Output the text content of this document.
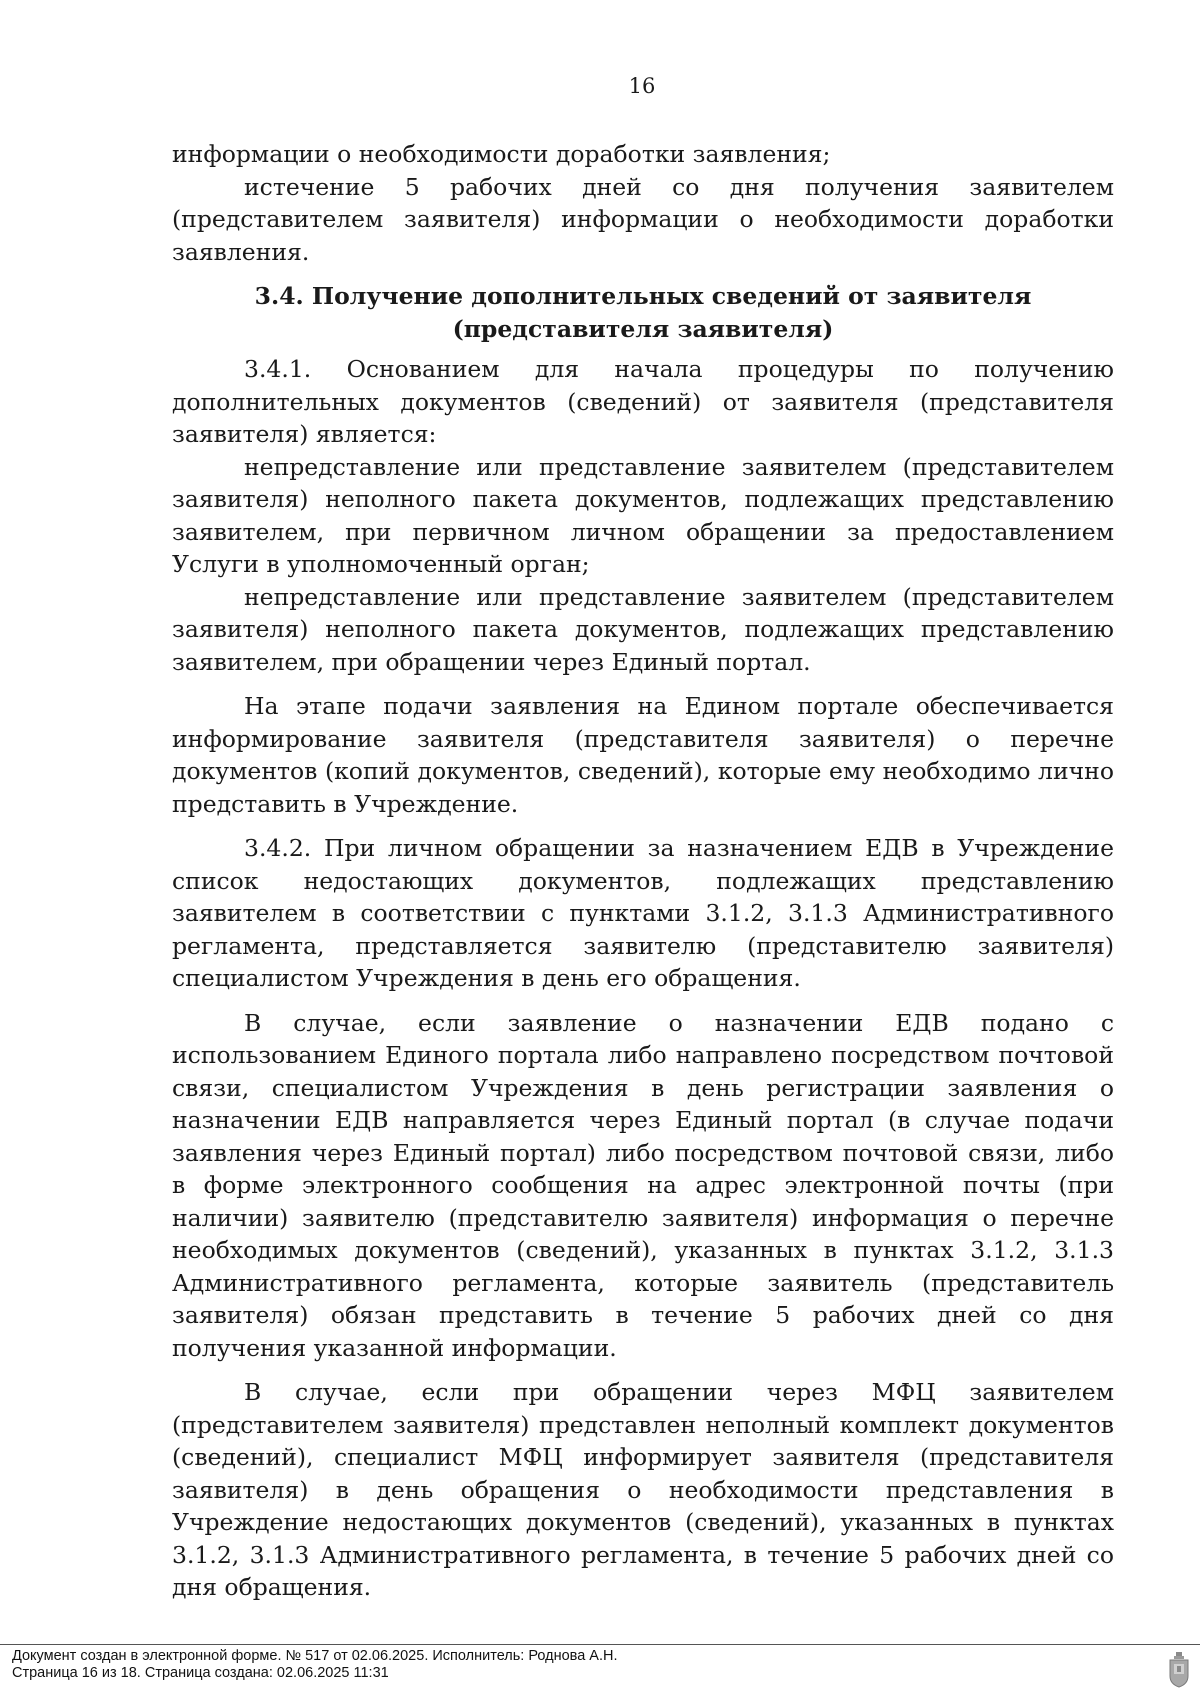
16

информации о необходимости доработки заявления;

истечение 5 рабочих дней со дня получения заявителем (представителем заявителя) информации о необходимости доработки заявления.

3.4. Получение дополнительных сведений от заявителя (представителя заявителя)

3.4.1. Основанием для начала процедуры по получению дополнительных документов (сведений) от заявителя (представителя заявителя) является:

непредставление или представление заявителем (представителем заявителя) неполного пакета документов, подлежащих представлению заявителем, при первичном личном обращении за предоставлением Услуги в уполномоченный орган;

непредставление или представление заявителем (представителем заявителя) неполного пакета документов, подлежащих представлению заявителем, при обращении через Единый портал.

На этапе подачи заявления на Едином портале обеспечивается информирование заявителя (представителя заявителя) о перечне документов (копий документов, сведений), которые ему необходимо лично представить в Учреждение.

3.4.2. При личном обращении за назначением ЕДВ в Учреждение список недостающих документов, подлежащих представлению заявителем в соответствии с пунктами 3.1.2, 3.1.3 Административного регламента, представляется заявителю (представителю заявителя) специалистом Учреждения в день его обращения.

В случае, если заявление о назначении ЕДВ подано с использованием Единого портала либо направлено посредством почтовой связи, специалистом Учреждения в день регистрации заявления о назначении ЕДВ направляется через Единый портал (в случае подачи заявления через Единый портал) либо посредством почтовой связи, либо в форме электронного сообщения на адрес электронной почты (при наличии) заявителю (представителю заявителя) информация о перечне необходимых документов (сведений), указанных в пунктах 3.1.2, 3.1.3 Административного регламента, которые заявитель (представитель заявителя) обязан представить в течение 5 рабочих дней со дня получения указанной информации.

В случае, если при обращении через МФЦ заявителем (представителем заявителя) представлен неполный комплект документов (сведений), специалист МФЦ информирует заявителя (представителя заявителя) в день обращения о необходимости представления в Учреждение недостающих документов (сведений), указанных в пунктах 3.1.2, 3.1.3 Административного регламента, в течение 5 рабочих дней со дня обращения.

Документ создан в электронной форме. № 517 от 02.06.2025. Исполнитель: Роднова А.Н.
Страница 16 из 18. Страница создана: 02.06.2025 11:31
